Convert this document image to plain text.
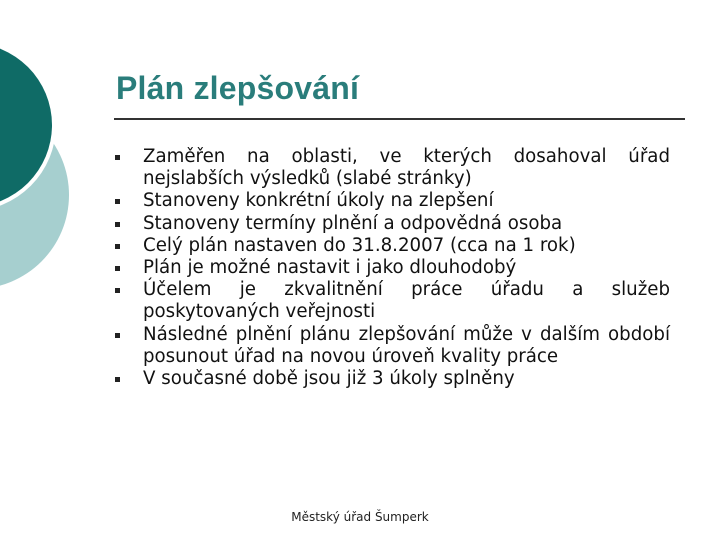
Plán zlepšování
Zaměřen na oblasti, ve kterých dosahoval úřad nejslabších výsledků (slabé stránky)
Stanoveny konkrétní úkoly na zlepšení
Stanoveny termíny plnění a odpovědná osoba
Celý plán nastaven do 31.8.2007 (cca na 1 rok)
Plán je možné nastavit i jako dlouhodobý
Účelem je zkvalitnění práce úřadu a služeb poskytovaných veřejnosti
Následné plnění plánu zlepšování může v dalším období posunout úřad na novou úroveň kvality práce
V současné době jsou již 3 úkoly splněny
Městský úřad Šumperk
